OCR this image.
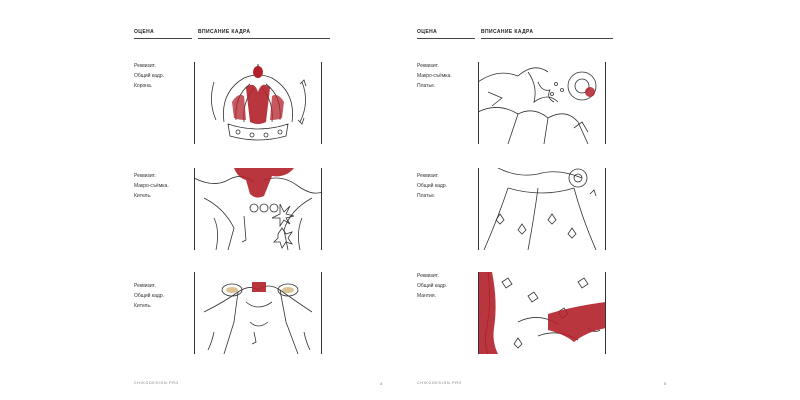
ОЦЕНА	ВПИСАНИЕ КАДРА
Реквизит.
Общий кадр.
Корона.
Реквизит.
Макро-съёмка.
Китель.
Реквизит.
Общий кадр.
Китель.
CHIKODESIGN.PRO	4
ОЦЕНА	ВПИСАНИЕ КАДРА
Реквизит.
Макро-съёмка.
Платье.
Реквизит.
Общий кадр.
Платье.
Реквизит.
Общий кадр.
Мантия.
CHIKODESIGN.PRO	5
